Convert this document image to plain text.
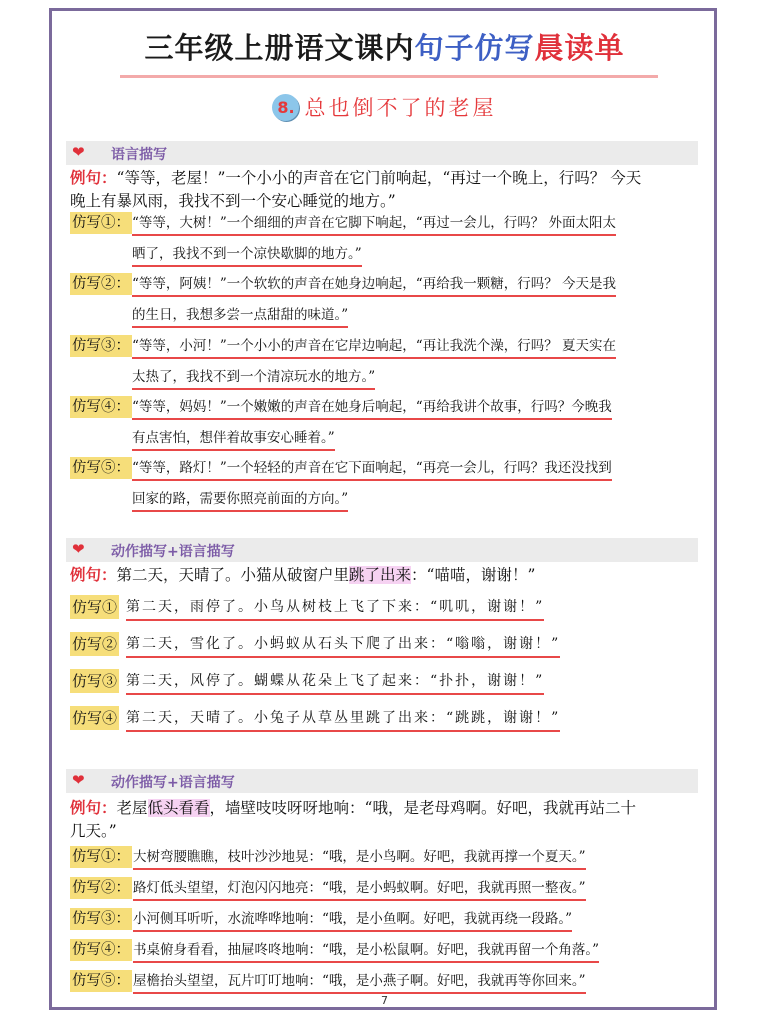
三年级上册语文课内句子仿写晨读单
8. 总也倒不了的老屋
❤ 语言描写
例句：“等等，老屋！”一个小小的声音在它门前响起，“再过一个晚上，行吗？ 今天
晚上有暴风雨，我找不到一个安心睡觉的地方。”
仿写①： “等等，大树！”一个细细的声音在它脚下响起，“再过一会儿，行吗？ 外面太阳太
晒了，我找不到一个凉快歇脚的地方。”
仿写②： “等等，阿姨！”一个软软的声音在她身边响起，“再给我一颗糖，行吗？ 今天是我
的生日，我想多尝一点甜甜的味道。”
仿写③： “等等，小河！”一个小小的声音在它岸边响起，“再让我洗个澡，行吗？ 夏天实在
太热了，我找不到一个清凉玩水的地方。”
仿写④： “等等，妈妈！”一个嫩嫩的声音在她身后响起，“再给我讲个故事，行吗？今晚我
有点害怕，想伴着故事安心睡着。”
仿写⑤： “等等，路灯！”一个轻轻的声音在它下面响起，“再亮一会儿，行吗？我还没找到
回家的路，需要你照亮前面的方向。”
❤ 动作描写+语言描写
例句：第二天，天晴了。小猫从破窗户里跳了出来：“喵喵，谢谢！”
仿写① 第二天，雨停了。小鸟从树枝上飞了下来：“叽叽，谢谢！”
仿写② 第二天，雪化了。小蚂蚁从石头下爬了出来：“嗡嗡，谢谢！”
仿写③ 第二天，风停了。蝴蝶从花朵上飞了起来：“扑扑，谢谢！”
仿写④ 第二天，天晴了。小兔子从草丛里跳了出来：“跳跳，谢谢！”
❤ 动作描写+语言描写
例句：老屋低头看看，墙壁吱吱呀呀地响：“哦，是老母鸡啊。好吧，我就再站二十
几天。”
仿写①： 大树弯腰瞧瞧，枝叶沙沙地晃：“哦，是小鸟啊。好吧，我就再撑一个夏天。”
仿写②： 路灯低头望望，灯泡闪闪地亮：“哦，是小蚂蚁啊。好吧，我就再照一整夜。”
仿写③： 小河侧耳听听，水流哗哗地响：“哦，是小鱼啊。好吧，我就再绕一段路。”
仿写④： 书桌俯身看看，抽屉咚咚地响：“哦，是小松鼠啊。好吧，我就再留一个角落。”
仿写⑤： 屋檐抬头望望，瓦片叮叮地响：“哦，是小燕子啊。好吧，我就再等你回来。”
7
